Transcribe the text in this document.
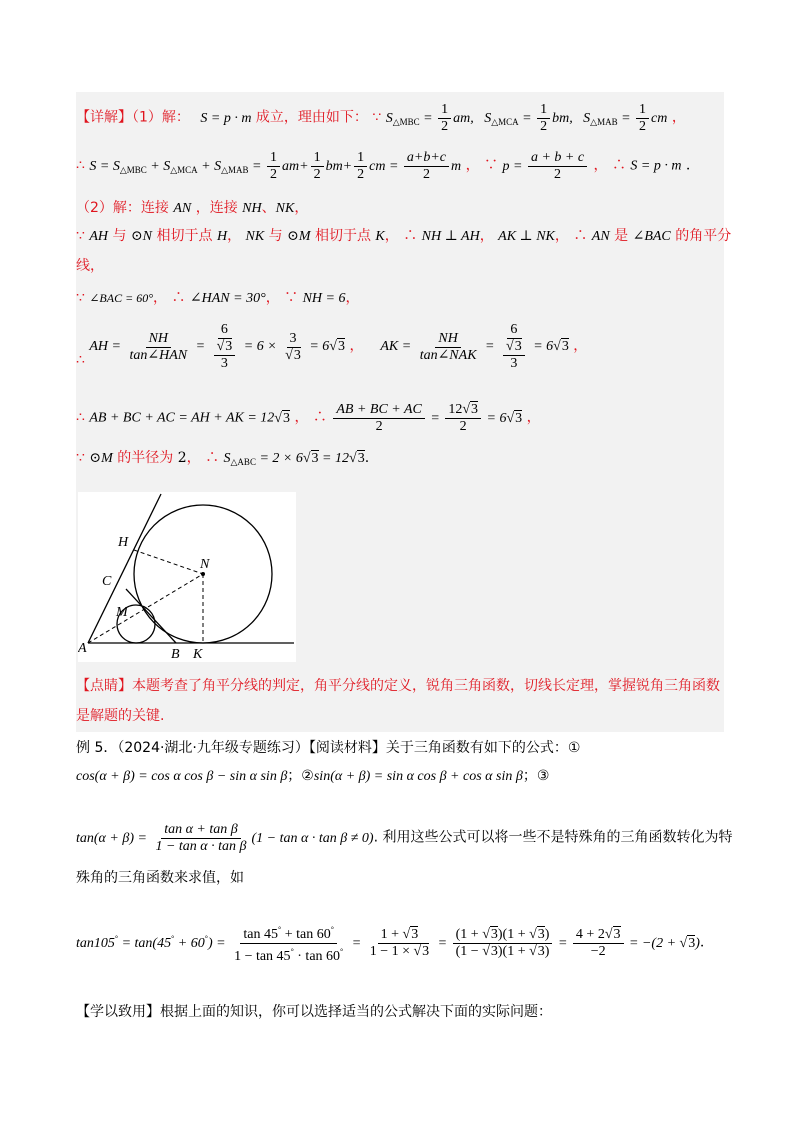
【详解】（1）解： S = p · m 成立，理由如下： ∵ $S_{\triangle MBC} = \frac{1}{2}$ am, $S_{\triangle MCA} = \frac{1}{2}$ bm, $S_{\triangle MAB} = \frac{1}{2}$ cm ，
∴ $S = S_{\triangle MBC} + S_{\triangle MCA} + S_{\triangle MAB} = \frac{1}{2} am+ \frac{1}{2} bm+ \frac{1}{2}$ cm = $\frac{a+b+c}{2}$ m ， ∵ $p = \frac{a + b + c}{2}$ ， ∴ S = p · m .
（2）解：连接 AN ，连接 NH、NK，
∵ AH 与 ⊙N 相切于点 H， NK 与 ⊙M 相切于点 K， ∴ NH ⊥ AH， AK ⊥ NK， ∴ AN 是 ∠BAC 的角平分
线，
∵ ∠BAC = 60°， ∴ ∠HAN = 30°， ∵ NH = 6，
∴ AH = $\frac{NH}{\text{tan∠HAN}} = 6$
√ $\frac{3}{3} = 6 \times 3$
√ 3 = 6√ 3 ， AK = $\frac{NH}{\text{tan∠NAK}} = 6$
√ $\frac{3}{3} = 6√$ 3 ，
∴ AB + BC + AC = AH + AK = 12√ 3 ， ∴ $\frac{AB + BC + AC}{2} = \frac{12√ 3}{2} = 6√$ 3 ，
∵ ⊙M 的半径为 2， ∴ $S_{\triangle ABC} = 2 \times 6√$ 3 = 12√ 3.
H
N
C
M
A	B K
【点睛】本题考查了角平分线的判定，角平分线的定义，锐角三角函数，切线长定理，掌握锐角三角函数
是解题的关键.
例 5．（2024·湖北·九年级专题练习）【阅读材料】关于三角函数有如下的公式：①
cos(α + β) = cos α cos β − sin α sin β；②sin(α + β) = sin α cos β + cos α sin β；③
$\tan(\alpha + \beta) = \frac{\text{tan α + tan β}}{\text{1 − tan α · tan β}} (1 - \tan \alpha \cdot \tan \beta \ne 0)$. 利用这些公式可以将一些不是特殊角的三角函数转化为特
殊角的三角函数来求值，如
$\tan 105^\circ = \tan(45^\circ + 60^\circ) = \frac{\tan 45^\circ + \tan 60^\circ}{1 - \tan 45^\circ \cdot \tan 60^\circ} = \frac{1 + √ 3}{1 - 1 \times √ 3} = \frac{(1 + √ 3)(1 + √ 3)}{(1 - √ 3)(1 + √ 3)} = \frac{4 + 2√ 3}{-2} = -(2$ + √ 3).
【学以致用】根据上面的知识，你可以选择适当的公式解决下面的实际问题：
